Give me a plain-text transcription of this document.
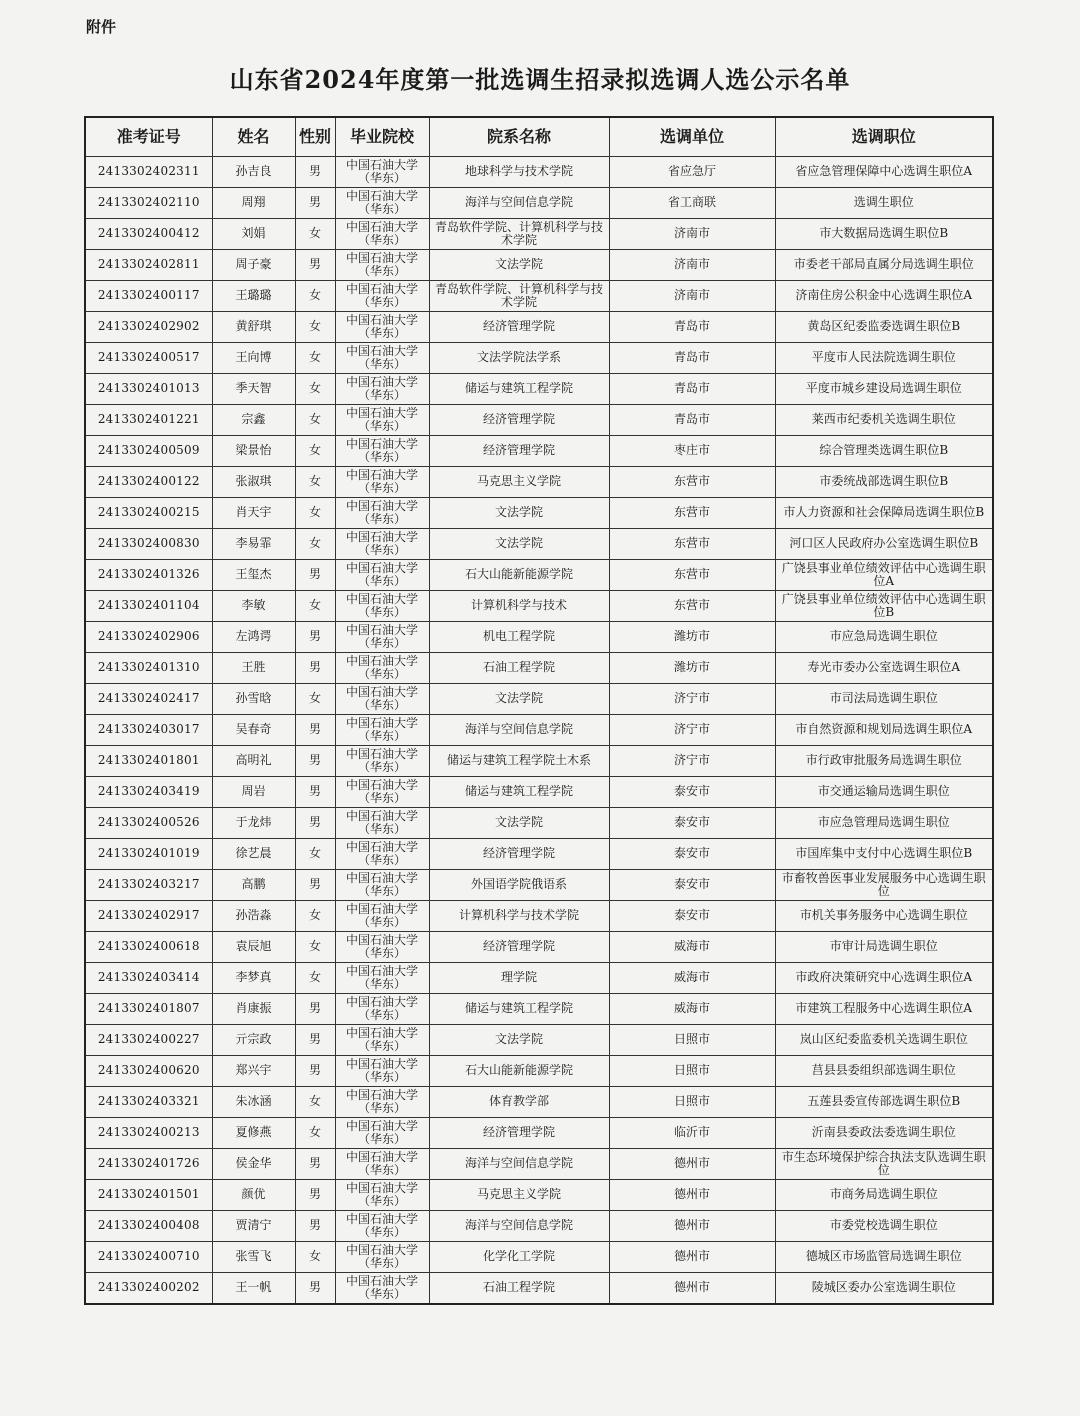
附件
山东省2024年度第一批选调生招录拟选调人选公示名单
准考证号	姓名	性别	毕业院校	院系名称	选调单位	选调职位
2413302402311	孙吉良	男	中国石油大学（华东）	地球科学与技术学院	省应急厅	省应急管理保障中心选调生职位A
2413302402110	周翔	男	中国石油大学（华东）	海洋与空间信息学院	省工商联	选调生职位
2413302400412	刘娟	女	中国石油大学（华东）	青岛软件学院、计算机科学与技术学院	济南市	市大数据局选调生职位B
2413302402811	周子豪	男	中国石油大学（华东）	文法学院	济南市	市委老干部局直属分局选调生职位
2413302400117	王璐璐	女	中国石油大学（华东）	青岛软件学院、计算机科学与技术学院	济南市	济南住房公积金中心选调生职位A
2413302402902	黄舒琪	女	中国石油大学（华东）	经济管理学院	青岛市	黄岛区纪委监委选调生职位B
2413302400517	王向博	女	中国石油大学（华东）	文法学院法学系	青岛市	平度市人民法院选调生职位
2413302401013	季天智	女	中国石油大学（华东）	储运与建筑工程学院	青岛市	平度市城乡建设局选调生职位
2413302401221	宗鑫	女	中国石油大学（华东）	经济管理学院	青岛市	莱西市纪委机关选调生职位
2413302400509	梁景怡	女	中国石油大学（华东）	经济管理学院	枣庄市	综合管理类选调生职位B
2413302400122	张淑琪	女	中国石油大学（华东）	马克思主义学院	东营市	市委统战部选调生职位B
2413302400215	肖天宇	女	中国石油大学（华东）	文法学院	东营市	市人力资源和社会保障局选调生职位B
2413302400830	李易霏	女	中国石油大学（华东）	文法学院	东营市	河口区人民政府办公室选调生职位B
2413302401326	王玺杰	男	中国石油大学（华东）	石大山能新能源学院	东营市	广饶县事业单位绩效评估中心选调生职位A
2413302401104	李敏	女	中国石油大学（华东）	计算机科学与技术	东营市	广饶县事业单位绩效评估中心选调生职位B
2413302402906	左鸿谔	男	中国石油大学（华东）	机电工程学院	潍坊市	市应急局选调生职位
2413302401310	王胜	男	中国石油大学（华东）	石油工程学院	潍坊市	寿光市委办公室选调生职位A
2413302402417	孙雪晗	女	中国石油大学（华东）	文法学院	济宁市	市司法局选调生职位
2413302403017	吴春奇	男	中国石油大学（华东）	海洋与空间信息学院	济宁市	市自然资源和规划局选调生职位A
2413302401801	高明礼	男	中国石油大学（华东）	储运与建筑工程学院土木系	济宁市	市行政审批服务局选调生职位
2413302403419	周岩	男	中国石油大学（华东）	储运与建筑工程学院	泰安市	市交通运输局选调生职位
2413302400526	于龙炜	男	中国石油大学（华东）	文法学院	泰安市	市应急管理局选调生职位
2413302401019	徐艺晨	女	中国石油大学（华东）	经济管理学院	泰安市	市国库集中支付中心选调生职位B
2413302403217	高鹏	男	中国石油大学（华东）	外国语学院俄语系	泰安市	市畜牧兽医事业发展服务中心选调生职位
2413302402917	孙浩淼	女	中国石油大学（华东）	计算机科学与技术学院	泰安市	市机关事务服务中心选调生职位
2413302400618	袁辰旭	女	中国石油大学（华东）	经济管理学院	威海市	市审计局选调生职位
2413302403414	李梦真	女	中国石油大学（华东）	理学院	威海市	市政府决策研究中心选调生职位A
2413302401807	肖康振	男	中国石油大学（华东）	储运与建筑工程学院	威海市	市建筑工程服务中心选调生职位A
2413302400227	亓宗政	男	中国石油大学（华东）	文法学院	日照市	岚山区纪委监委机关选调生职位
2413302400620	郑兴宇	男	中国石油大学（华东）	石大山能新能源学院	日照市	莒县县委组织部选调生职位
2413302403321	朱冰涵	女	中国石油大学（华东）	体育教学部	日照市	五莲县委宣传部选调生职位B
2413302400213	夏修燕	女	中国石油大学（华东）	经济管理学院	临沂市	沂南县委政法委选调生职位
2413302401726	侯金华	男	中国石油大学（华东）	海洋与空间信息学院	德州市	市生态环境保护综合执法支队选调生职位
2413302401501	颜优	男	中国石油大学（华东）	马克思主义学院	德州市	市商务局选调生职位
2413302400408	贾清宁	男	中国石油大学（华东）	海洋与空间信息学院	德州市	市委党校选调生职位
2413302400710	张雪飞	女	中国石油大学（华东）	化学化工学院	德州市	德城区市场监管局选调生职位
2413302400202	王一帆	男	中国石油大学（华东）	石油工程学院	德州市	陵城区委办公室选调生职位
